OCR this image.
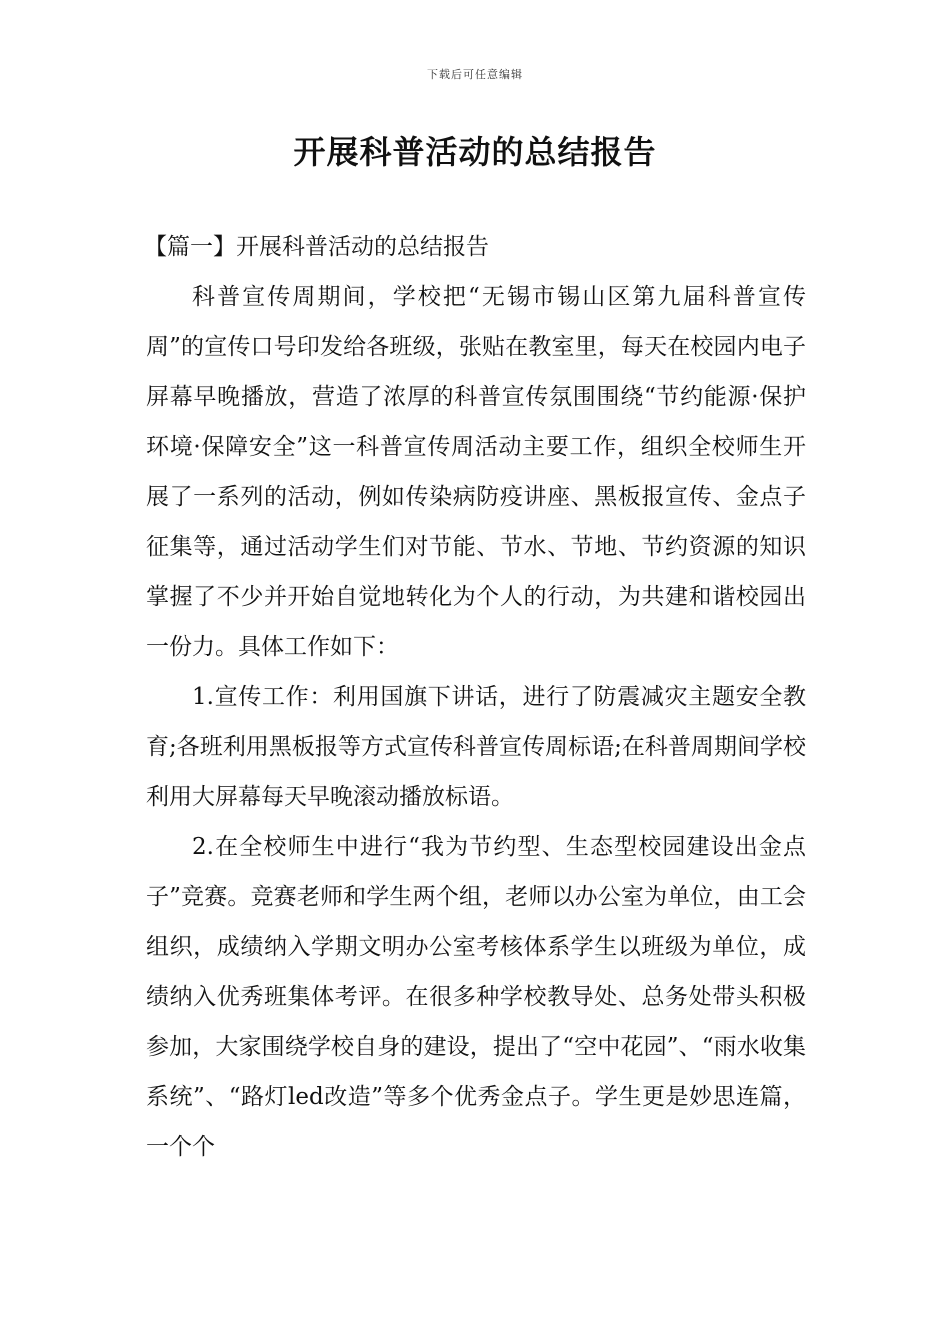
下载后可任意编辑
开展科普活动的总结报告

【篇一】开展科普活动的总结报告

科普宣传周期间，学校把“无锡市锡山区第九届科普宣传周”的宣传口号印发给各班级，张贴在教室里，每天在校园内电子屏幕早晚播放，营造了浓厚的科普宣传氛围围绕“节约能源·保护环境·保障安全”这一科普宣传周活动主要工作，组织全校师生开展了一系列的活动，例如传染病防疫讲座、黑板报宣传、金点子征集等，通过活动学生们对节能、节水、节地、节约资源的知识掌握了不少并开始自觉地转化为个人的行动，为共建和谐校园出一份力。具体工作如下：

1.宣传工作：利用国旗下讲话，进行了防震减灾主题安全教育;各班利用黑板报等方式宣传科普宣传周标语;在科普周期间学校利用大屏幕每天早晚滚动播放标语。

2.在全校师生中进行“我为节约型、生态型校园建设出金点子”竞赛。竞赛老师和学生两个组，老师以办公室为单位，由工会组织，成绩纳入学期文明办公室考核体系学生以班级为单位，成绩纳入优秀班集体考评。在很多种学校教导处、总务处带头积极参加，大家围绕学校自身的建设，提出了“空中花园”、“雨水收集系统”、“路灯led改造”等多个优秀金点子。学生更是妙思连篇，一个个
